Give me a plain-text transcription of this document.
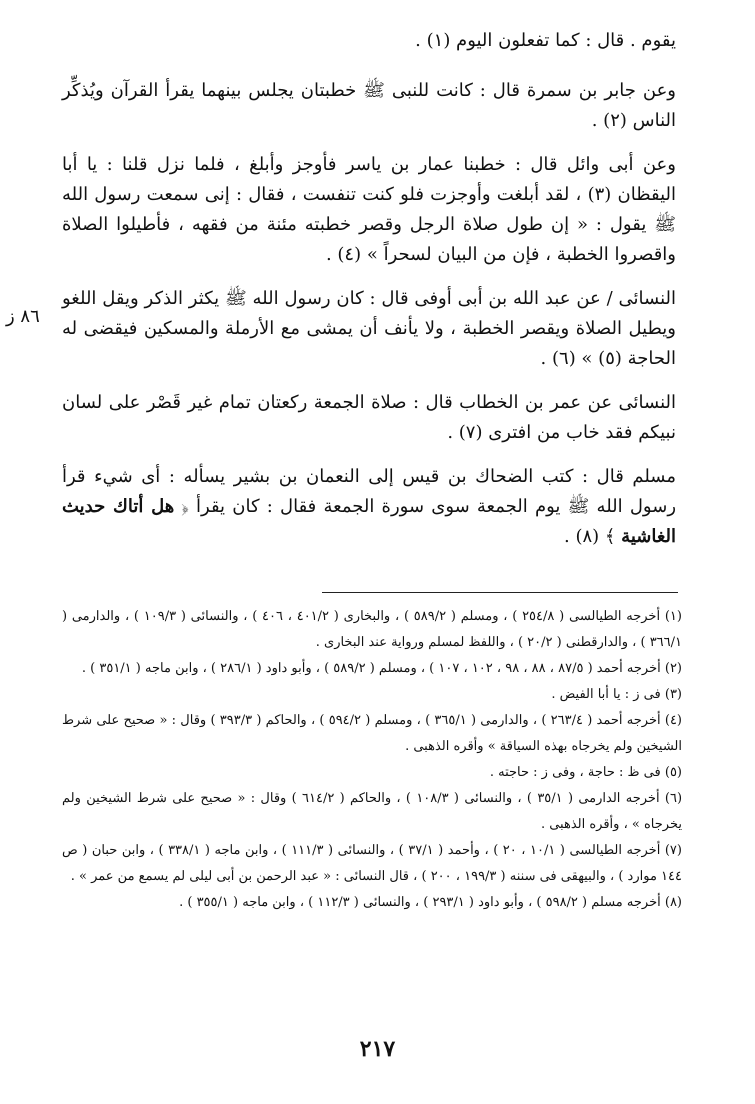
يقوم . قال : كما تفعلون اليوم (١) .

وعن جابر بن سمرة قال : كانت للنبى ﷺ خطبتان يجلس بينهما يقرأ القرآن ويُذكِّر الناس (٢) .

وعن أبى وائل قال : خطبنا عمار بن ياسر فأوجز وأبلغ ، فلما نزل قلنا : يا أبا اليقظان (٣) ، لقد أبلغت وأوجزت فلو كنت تنفست ، فقال : إنى سمعت رسول الله ﷺ يقول : « إن طول صلاة الرجل وقصر خطبته مئنة من فقهه ، فأطيلوا الصلاة واقصروا الخطبة ، فإن من البيان لسحراً » (٤) .

النسائى / عن عبد الله بن أبى أوفى قال : كان رسول الله ﷺ يكثر الذكر ويقل اللغو ويطيل الصلاة ويقصر الخطبة ، ولا يأنف أن يمشى مع الأرملة والمسكين فيقضى له الحاجة (٥) » (٦) .

النسائى عن عمر بن الخطاب قال : صلاة الجمعة ركعتان تمام غير قَصْر على لسان نبيكم فقد خاب من افترى (٧) .

مسلم قال : كتب الضحاك بن قيس إلى النعمان بن بشير يسأله : أى شيء قرأ رسول الله ﷺ يوم الجمعة سوى سورة الجمعة فقال : كان يقرأ ﴿ هل أتاك حديث الغاشية ﴾ (٨) .

٨٦ ز

(١) أخرجه الطيالسى ( ٢٥٤/٨ ) ، ومسلم ( ٥٨٩/٢ ) ، والبخارى ( ٤٠١/٢ ، ٤٠٦ ) ، والنسائى ( ١٠٩/٣ ) ، والدارمى ( ٣٦٦/١ ) ، والدارقطنى ( ٢٠/٢ ) ، واللفظ لمسلم ورواية عند البخارى .

(٢) أخرجه أحمد ( ٨٧/٥ ، ٨٨ ، ٩٨ ، ١٠٢ ، ١٠٧ ) ، ومسلم ( ٥٨٩/٢ ) ، وأبو داود ( ٢٨٦/١ ) ، وابن ماجه ( ٣٥١/١ ) .

(٣) فى ز : يا أبا الفيض .

(٤) أخرجه أحمد ( ٢٦٣/٤ ) ، والدارمى ( ٣٦٥/١ ) ، ومسلم ( ٥٩٤/٢ ) ، والحاكم ( ٣٩٣/٣ ) وقال : « صحيح على شرط الشيخين ولم يخرجاه بهذه السياقة » وأقره الذهبى .

(٥) فى ظ : حاجة ، وفى ز : حاجته .

(٦) أخرجه الدارمى ( ٣٥/١ ) ، والنسائى ( ١٠٨/٣ ) ، والحاكم ( ٦١٤/٢ ) وقال : « صحيح على شرط الشيخين ولم يخرجاه » ، وأقره الذهبى .

(٧) أخرجه الطيالسى ( ١٠/١ ، ٢٠ ) ، وأحمد ( ٣٧/١ ) ، والنسائى ( ١١١/٣ ) ، وابن ماجه ( ٣٣٨/١ ) ، وابن حبان ( ص ١٤٤ موارد ) ، والبيهقى فى سننه ( ١٩٩/٣ ، ٢٠٠ ) ، قال النسائى : « عبد الرحمن بن أبى ليلى لم يسمع من عمر » .

(٨) أخرجه مسلم ( ٥٩٨/٢ ) ، وأبو داود ( ٢٩٣/١ ) ، والنسائى ( ١١٢/٣ ) ، وابن ماجه ( ٣٥٥/١ ) .

٢١٧
